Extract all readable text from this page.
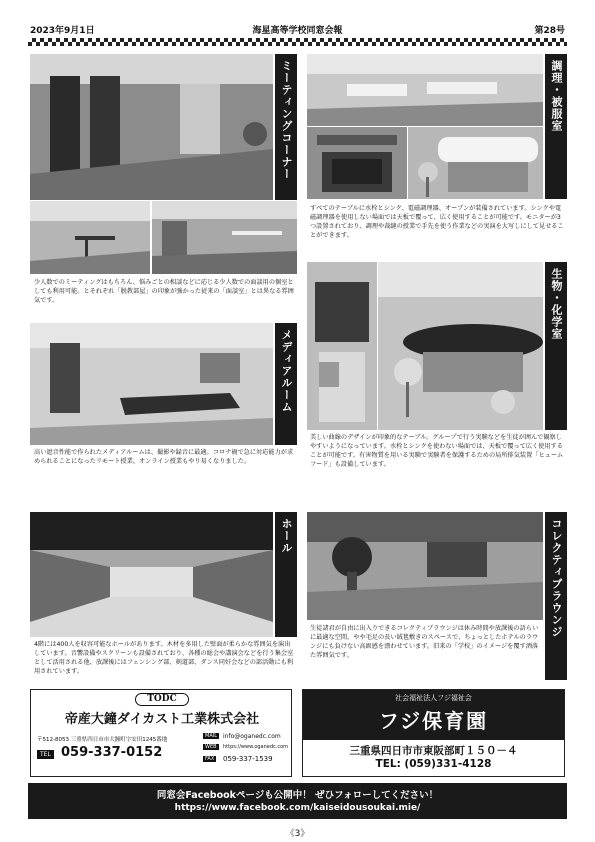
2023年9月1日	海星高等学校同窓会報	第28号
ミーティングコーナー
少人数でのミーティングはもちろん、悩みごとの相談などに応じる少人数での面談用の個室としても利用可能。とそれぞれ「脱教部屋」の印象が強かった従来の「面談室」とは異なる雰囲気です。
調理・被服室
すべてのテーブルに水栓とシンク、電磁調理器、オーブンが装備されています。シンクや電磁調理器を使用しない場面では天板で覆って、広く使用することが可能です。モニターが3つ設置されており、調理や裁縫の授業で手先を使う作業などの実演を大写しにして見せることができます。
メディアルーム
高い遮音性能で作られたメディアルームは、撮影や録音に最適。コロナ禍で急に対応能力が求められることになったリモート授業、オンライン授業もやり易くなりました。
生物・化学室
美しい曲線のデザインが印象的なテーブル。グループで行う実験などを生徒が囲んで観察しやすいようになっています。水栓とシンクを使わない場面では、天板で覆って広く使用することが可能です。有害物質を用いる実験で実験者を保護するための局所排気装置「ヒュームフード」も設備しています。
ホール
4階には400人を収容可能なホールがあります。木材を多用した壁面が柔らかな雰囲気を演出しています。音響設備やスクリーンも設備されており、各種の総会や講演会などを行う集会室として活用される他、放課後にはフェンシング部、剣道部、ダンス同好会などの部活動にも利用されています。
コレクティブラウンジ
生徒諸君が自由に出入りできるコレクティブラウンジは休み時間や放課後の語らいに最適な空間。やや毛足の長い絨毯敷きのスペースで、ちょっとしたホテルのラウンジにも負けない高級感を漂わせています。旧来の「学校」のイメージを覆す洒落た雰囲気です。
TODC
帝産大鐘ダイカスト工業株式会社
〒512-8053 三重県四日市市大鐘町字安田1245番地
TEL 059-337-0152
MAIL	info@oganedc.com
WEB	https://www.oganedc.com
FAX 059-337-1539
社会福祉法人フジ福祉会
フジ保育園
三重県四日市市東阪部町１５０－４
TEL: (059)331-4128
同窓会Facebookページも公開中！ ぜひフォローしてください！
https://www.facebook.com/kaiseidousoukai.mie/
《3》
